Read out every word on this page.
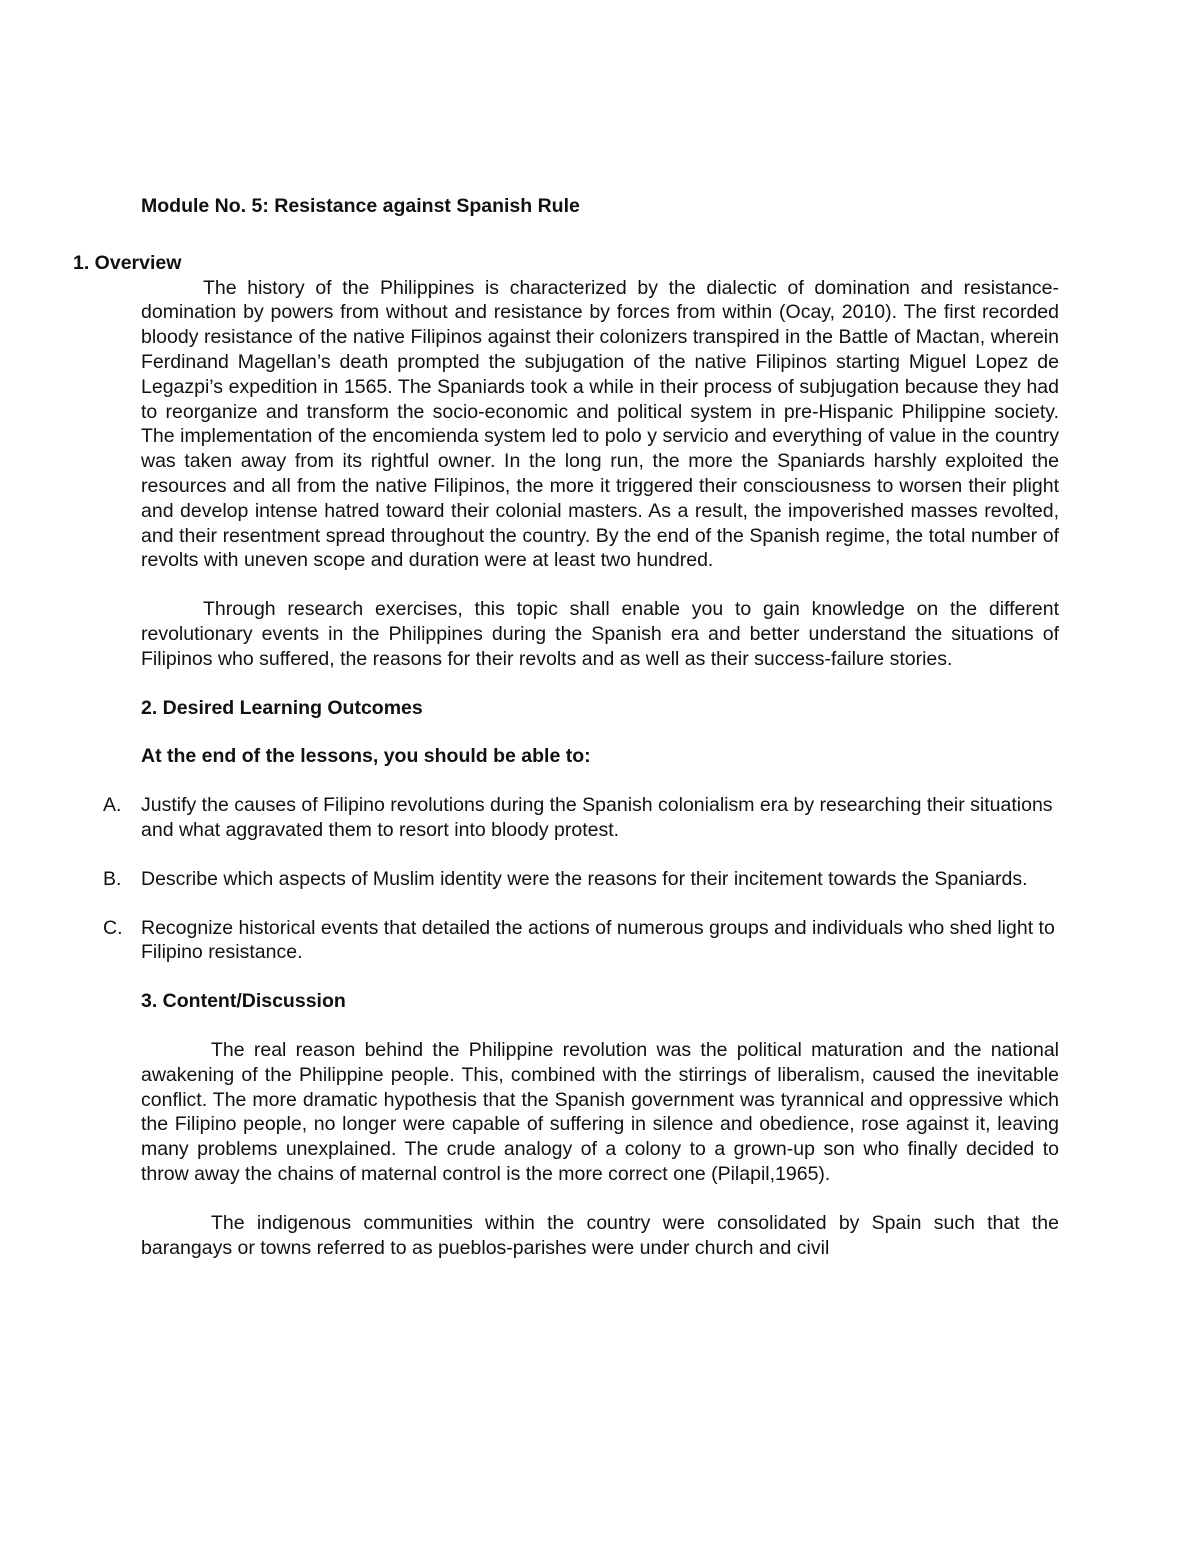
Module No. 5: Resistance against Spanish Rule

1. Overview

The history of the Philippines is characterized by the dialectic of domination and resistance-domination by powers from without and resistance by forces from within (Ocay, 2010). The first recorded bloody resistance of the native Filipinos against their colonizers transpired in the Battle of Mactan, wherein Ferdinand Magellan’s death prompted the subjugation of the native Filipinos starting Miguel Lopez de Legazpi’s expedition in 1565. The Spaniards took a while in their process of subjugation because they had to reorganize and transform the socio-economic and political system in pre-Hispanic Philippine society. The implementation of the encomienda system led to polo y servicio and everything of value in the country was taken away from its rightful owner. In the long run, the more the Spaniards harshly exploited the resources and all from the native Filipinos, the more it triggered their consciousness to worsen their plight and develop intense hatred toward their colonial masters. As a result, the impoverished masses revolted, and their resentment spread throughout the country. By the end of the Spanish regime, the total number of revolts with uneven scope and duration were at least two hundred.

Through research exercises, this topic shall enable you to gain knowledge on the different revolutionary events in the Philippines during the Spanish era and better understand the situations of Filipinos who suffered, the reasons for their revolts and as well as their success-failure stories.

2. Desired Learning Outcomes

At the end of the lessons, you should be able to:

A. Justify the causes of Filipino revolutions during the Spanish colonialism era by researching their situations and what aggravated them to resort into bloody protest.
B. Describe which aspects of Muslim identity were the reasons for their incitement towards the Spaniards.
C. Recognize historical events that detailed the actions of numerous groups and individuals who shed light to Filipino resistance.

3. Content/Discussion

The real reason behind the Philippine revolution was the political maturation and the national awakening of the Philippine people. This, combined with the stirrings of liberalism, caused the inevitable conflict. The more dramatic hypothesis that the Spanish government was tyrannical and oppressive which the Filipino people, no longer were capable of suffering in silence and obedience, rose against it, leaving many problems unexplained. The crude analogy of a colony to a grown-up son who finally decided to throw away the chains of maternal control is the more correct one (Pilapil,1965).

The indigenous communities within the country were consolidated by Spain such that the barangays or towns referred to as pueblos-parishes were under church and civil
